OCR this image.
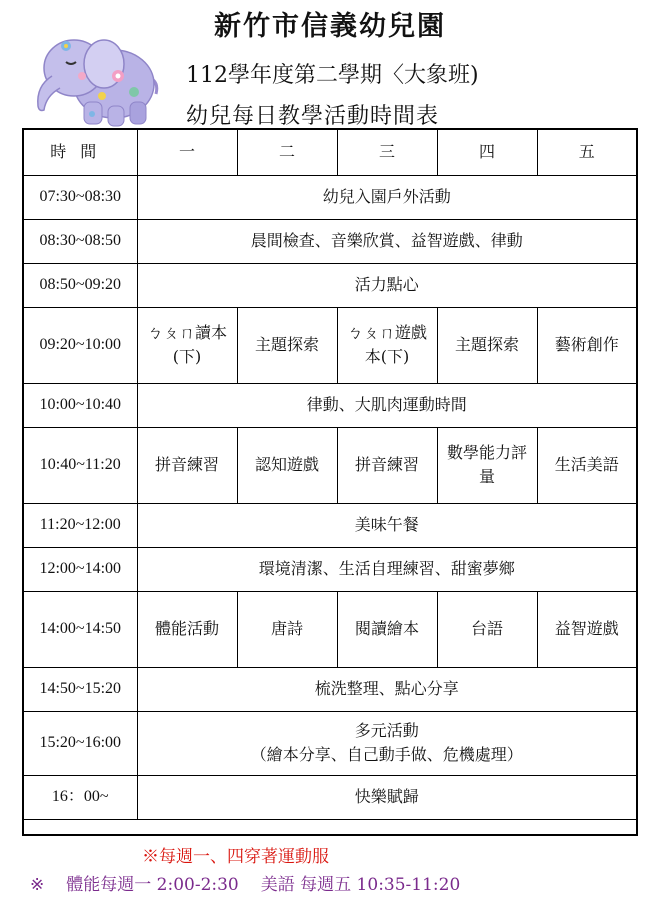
新竹市信義幼兒園
112學年度第二學期〈大象班)
幼兒每日教學活動時間表
時間	一	二	三	四	五
07:30~08:30	幼兒入園戶外活動				
08:30~08:50	晨間檢查、音樂欣賞、益智遊戲、律動				
08:50~09:20	活力點心				
09:20~10:00	ㄅㄆㄇ讀本(下)	主題探索	ㄅㄆㄇ遊戲本(下)	主題探索	藝術創作
10:00~10:40	律動、大肌肉運動時間				
10:40~11:20	拼音練習	認知遊戲	拼音練習	數學能力評量	生活美語
11:20~12:00	美味午餐				
12:00~14:00	環境清潔、生活自理練習、甜蜜夢鄉				
14:00~14:50	體能活動	唐詩	閱讀繪本	台語	益智遊戲
14:50~15:20	梳洗整理、點心分享				
15:20~16:00	多元活動
（繪本分享、自己動手做、危機處理）				

16：00~	快樂賦歸				

※每週一、四穿著運動服
※ 體能每週一 2:00-2:30 美語 每週五 10:35-11:20
